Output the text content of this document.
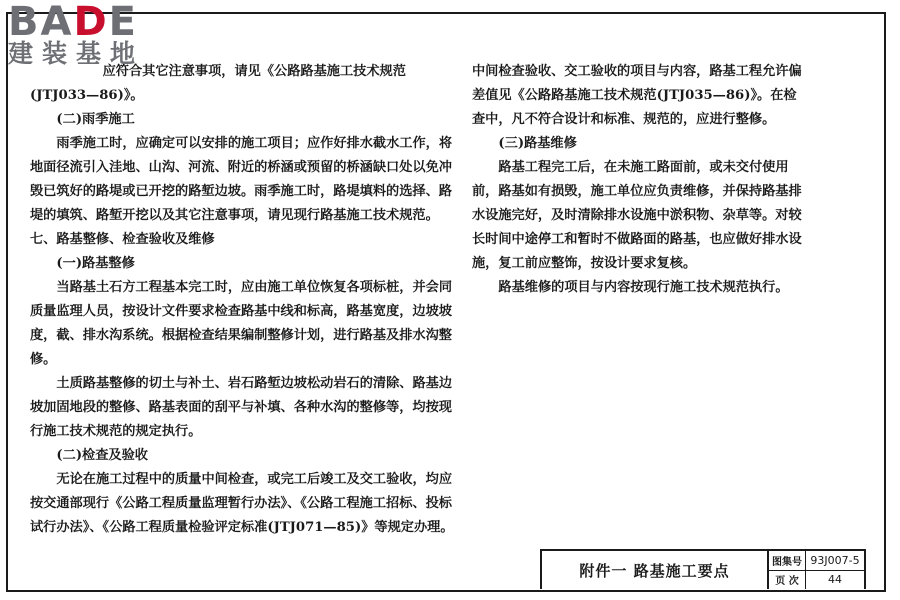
BADE
建装基地

应符合其它注意事项，请见《公路路基施工技术规范(JTJ033—86)》。

(二)雨季施工

雨季施工时，应确定可以安排的施工项目；应作好排水截水工作，将地面径流引入洼地、山沟、河流、附近的桥涵或预留的桥涵缺口处以免冲毁已筑好的路堤或已开挖的路堑边坡。雨季施工时，路堤填料的选择、路堤的填筑、路堑开挖以及其它注意事项，请见现行路基施工技术规范。

七、路基整修、检查验收及维修

(一)路基整修

当路基土石方工程基本完工时，应由施工单位恢复各项标桩，并会同质量监理人员，按设计文件要求检查路基中线和标高，路基宽度，边坡坡度，截、排水沟系统。根据检查结果编制整修计划，进行路基及排水沟整修。

土质路基整修的切土与补土、岩石路堑边坡松动岩石的清除、路基边坡加固地段的整修、路基表面的刮平与补填、各种水沟的整修等，均按现行施工技术规范的规定执行。

(二)检查及验收

无论在施工过程中的质量中间检查，或完工后竣工及交工验收，均应按交通部现行《公路工程质量监理暂行办法》、《公路工程施工招标、投标试行办法》、《公路工程质量检验评定标准(JTJ071—85)》等规定办理。

中间检查验收、交工验收的项目与内容，路基工程允许偏差值见《公路路基施工技术规范(JTJ035—86)》。在检查中，凡不符合设计和标准、规范的，应进行整修。

(三)路基维修

路基工程完工后，在未施工路面前，或未交付使用前，路基如有损毁，施工单位应负责维修，并保持路基排水设施完好，及时清除排水设施中淤积物、杂草等。对较长时间中途停工和暂时不做路面的路基，也应做好排水设施，复工前应整饰，按设计要求复核。

路基维修的项目与内容按现行施工技术规范执行。

附件一 路基施工要点	图集号 93J007-5
页 次	44
